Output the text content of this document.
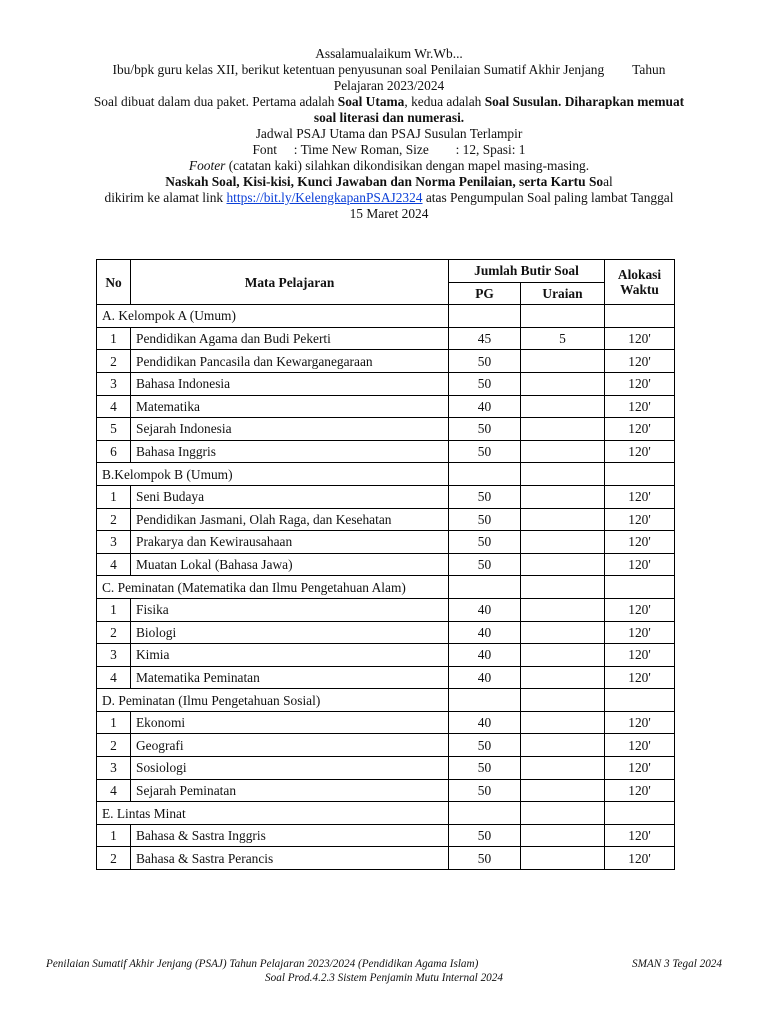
Assalamualaikum Wr.Wb...
Ibu/bpk guru kelas XII, berikut ketentuan penyusunan soal Penilaian Sumatif Akhir Jenjang Tahun
Pelajaran 2023/2024
Soal dibuat dalam dua paket. Pertama adalah Soal Utama, kedua adalah Soal Susulan. Diharapkan memuat
soal literasi dan numerasi.
Jadwal PSAJ Utama dan PSAJ Susulan Terlampir
Font     : Time New Roman, Size        : 12, Spasi: 1
Footer (catatan kaki) silahkan dikondisikan dengan mapel masing-masing.
Naskah Soal, Kisi-kisi, Kunci Jawaban dan Norma Penilaian, serta Kartu Soal
dikirim ke alamat link https://bit.ly/KelengkapanPSAJ2324 atas Pengumpulan Soal paling lambat Tanggal
15 Maret 2024
No	Mata Pelajaran	Jumlah Butir Soal		Alokasi Waktu
		PG	Uraian	
A. Kelompok A (Umum)				
1	Pendidikan Agama dan Budi Pekerti	45	5	120'
2	Pendidikan Pancasila dan Kewarganegaraan	50		120'
3	Bahasa Indonesia	50		120'
4	Matematika	40		120'
5	Sejarah Indonesia	50		120'
6	Bahasa Inggris	50		120'
B.Kelompok B (Umum)				
1	Seni Budaya	50		120'
2	Pendidikan Jasmani, Olah Raga, dan Kesehatan	50		120'
3	Prakarya dan Kewirausahaan	50		120'
4	Muatan Lokal (Bahasa Jawa)	50		120'
C. Peminatan (Matematika dan Ilmu Pengetahuan Alam)				
1	Fisika	40		120'
2	Biologi	40		120'
3	Kimia	40		120'
4	Matematika Peminatan	40		120'
D. Peminatan (Ilmu Pengetahuan Sosial)				
1	Ekonomi	40		120'
2	Geografi	50		120'
3	Sosiologi	50		120'
4	Sejarah Peminatan	50		120'
E. Lintas Minat				
1	Bahasa & Sastra Inggris	50		120'
2	Bahasa & Sastra Perancis	50		120'
Penilaian Sumatif Akhir Jenjang (PSAJ) Tahun Pelajaran 2023/2024 (Pendidikan Agama Islam)	SMAN 3 Tegal 2024
Soal Prod.4.2.3 Sistem Penjamin Mutu Internal 2024
